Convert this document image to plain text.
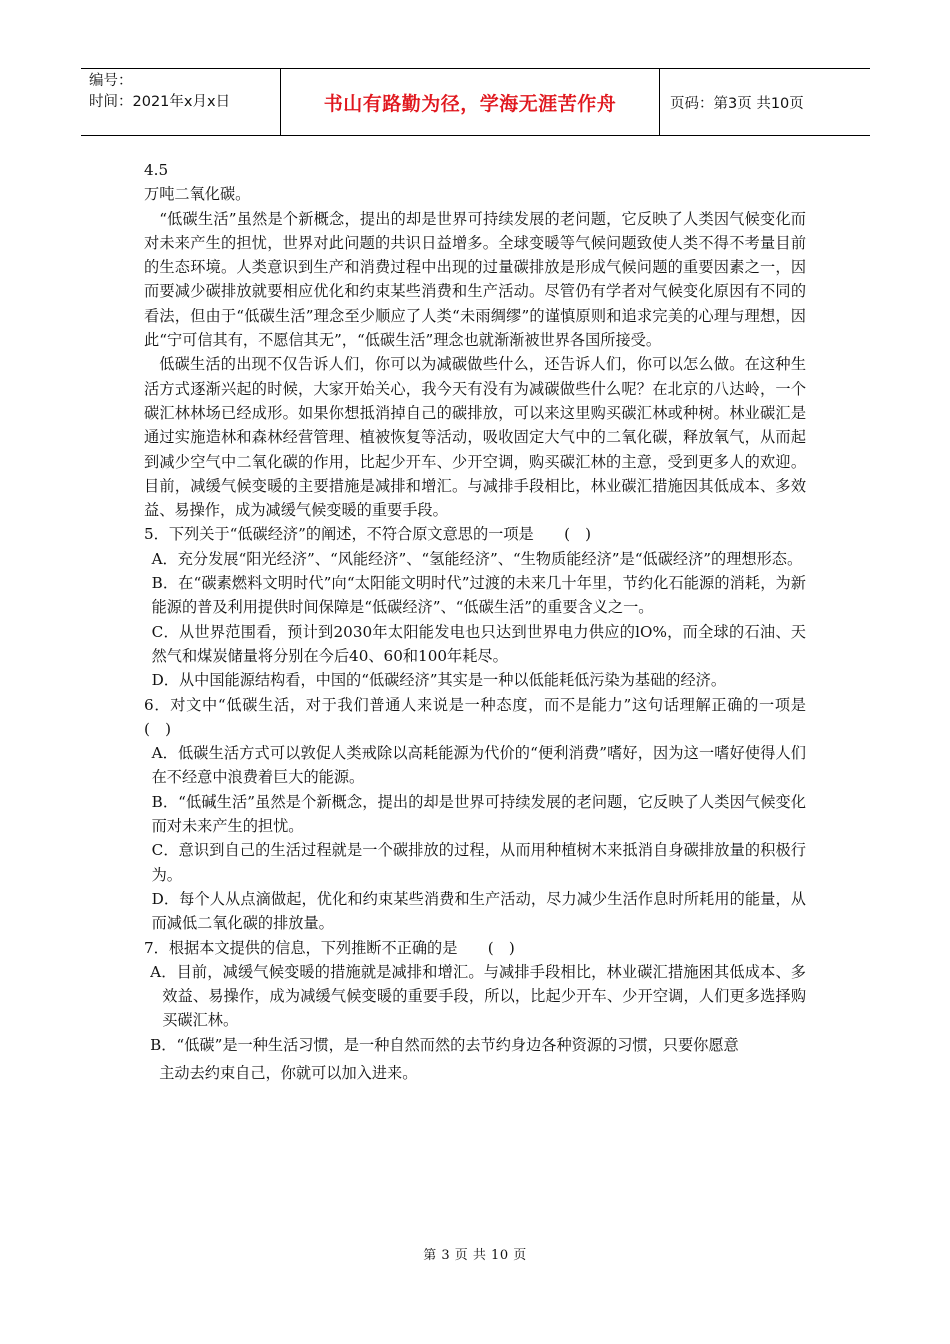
编号：
时间：2021年x月x日	书山有路勤为径，学海无涯苦作舟	页码：第3页 共10页

4.5

万吨二氧化碳。

“低碳生活”虽然是个新概念，提出的却是世界可持续发展的老问题，它反映了人类因气候变化而对未来产生的担忧，世界对此问题的共识日益增多。全球变暖等气候问题致使人类不得不考量目前的生态环境。人类意识到生产和消费过程中出现的过量碳排放是形成气候问题的重要因素之一，因而要减少碳排放就要相应优化和约束某些消费和生产活动。尽管仍有学者对气候变化原因有不同的看法，但由于“低碳生活”理念至少顺应了人类“未雨绸缪”的谨慎原则和追求完美的心理与理想，因此“宁可信其有，不愿信其无”，“低碳生活”理念也就渐渐被世界各国所接受。

低碳生活的出现不仅告诉人们，你可以为减碳做些什么，还告诉人们，你可以怎么做。在这种生活方式逐渐兴起的时候，大家开始关心，我今天有没有为减碳做些什么呢？在北京的八达岭，一个碳汇林林场已经成形。如果你想抵消掉自己的碳排放，可以来这里购买碳汇林或种树。林业碳汇是通过实施造林和森林经营管理、植被恢复等活动，吸收固定大气中的二氧化碳，释放氧气，从而起到减少空气中二氧化碳的作用，比起少开车、少开空调，购买碳汇林的主意，受到更多人的欢迎。目前，减缓气候变暖的主要措施是减排和增汇。与减排手段相比，林业碳汇措施因其低成本、多效益、易操作，成为减缓气候变暖的重要手段。

5．下列关于“低碳经济”的阐述，不符合原文意思的一项是　　(　)

A．充分发展“阳光经济”、“风能经济”、“氢能经济”、“生物质能经济”是“低碳经济”的理想形态。

B．在“碳素燃料文明时代”向“太阳能文明时代”过渡的未来几十年里，节约化石能源的消耗，为新能源的普及利用提供时间保障是“低碳经济”、“低碳生活”的重要含义之一。

C．从世界范围看，预计到2030年太阳能发电也只达到世界电力供应的lO%，而全球的石油、天然气和煤炭储量将分别在今后40、60和100年耗尽。

D．从中国能源结构看，中国的“低碳经济”其实是一种以低能耗低污染为基础的经济。

6．对文中“低碳生活，对于我们普通人来说是一种态度，而不是能力”这句话理解正确的一项是　　(　)

A．低碳生活方式可以敦促人类戒除以高耗能源为代价的“便利消费”嗜好，因为这一嗜好使得人们在不经意中浪费着巨大的能源。

B．“低碱生活”虽然是个新概念，提出的却是世界可持续发展的老问题，它反映了人类因气候变化而对未来产生的担忧。

C．意识到自己的生活过程就是一个碳排放的过程，从而用种植树木来抵消自身碳排放量的积极行为。

D．每个人从点滴做起，优化和约束某些消费和生产活动，尽力减少生活作息时所耗用的能量，从而减低二氧化碳的排放量。

7．根据本文提供的信息，下列推断不正确的是　　(　)

A．目前，减缓气候变暖的措施就是减排和增汇。与减排手段相比，林业碳汇措施困其低成本、多效益、易操作，成为减缓气候变暖的重要手段，所以，比起少开车、少开空调，人们更多选择购买碳汇林。

B．“低碳”是一种生活习惯，是一种自然而然的去节约身边各种资源的习惯，只要你愿意

主动去约束自己，你就可以加入进来。

第 3 页 共 10 页
